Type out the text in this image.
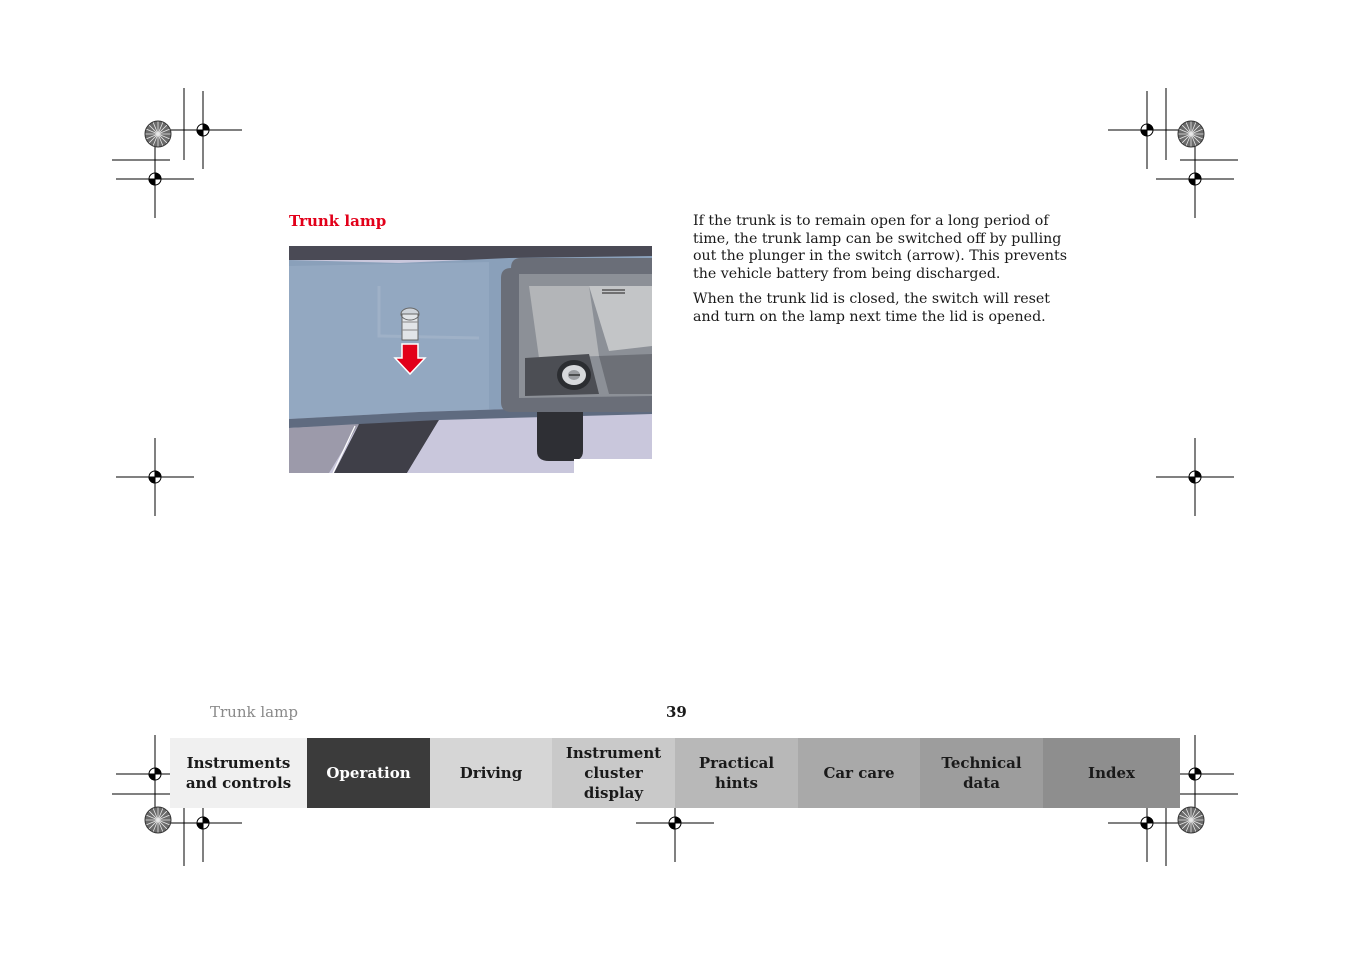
Trunk lamp	If the trunk is to remain open for a long period of time, the trunk lamp can be switched off by pulling out the plunger in the switch (arrow). This prevents the vehicle battery from being discharged.

When the trunk lid is closed, the switch will reset and turn on the lamp next time the lid is opened.

Trunk lamp	39
Instruments
and controls
Operation	Driving
Instrument
cluster display
Practical hints
Car care
Technical
data
Index
